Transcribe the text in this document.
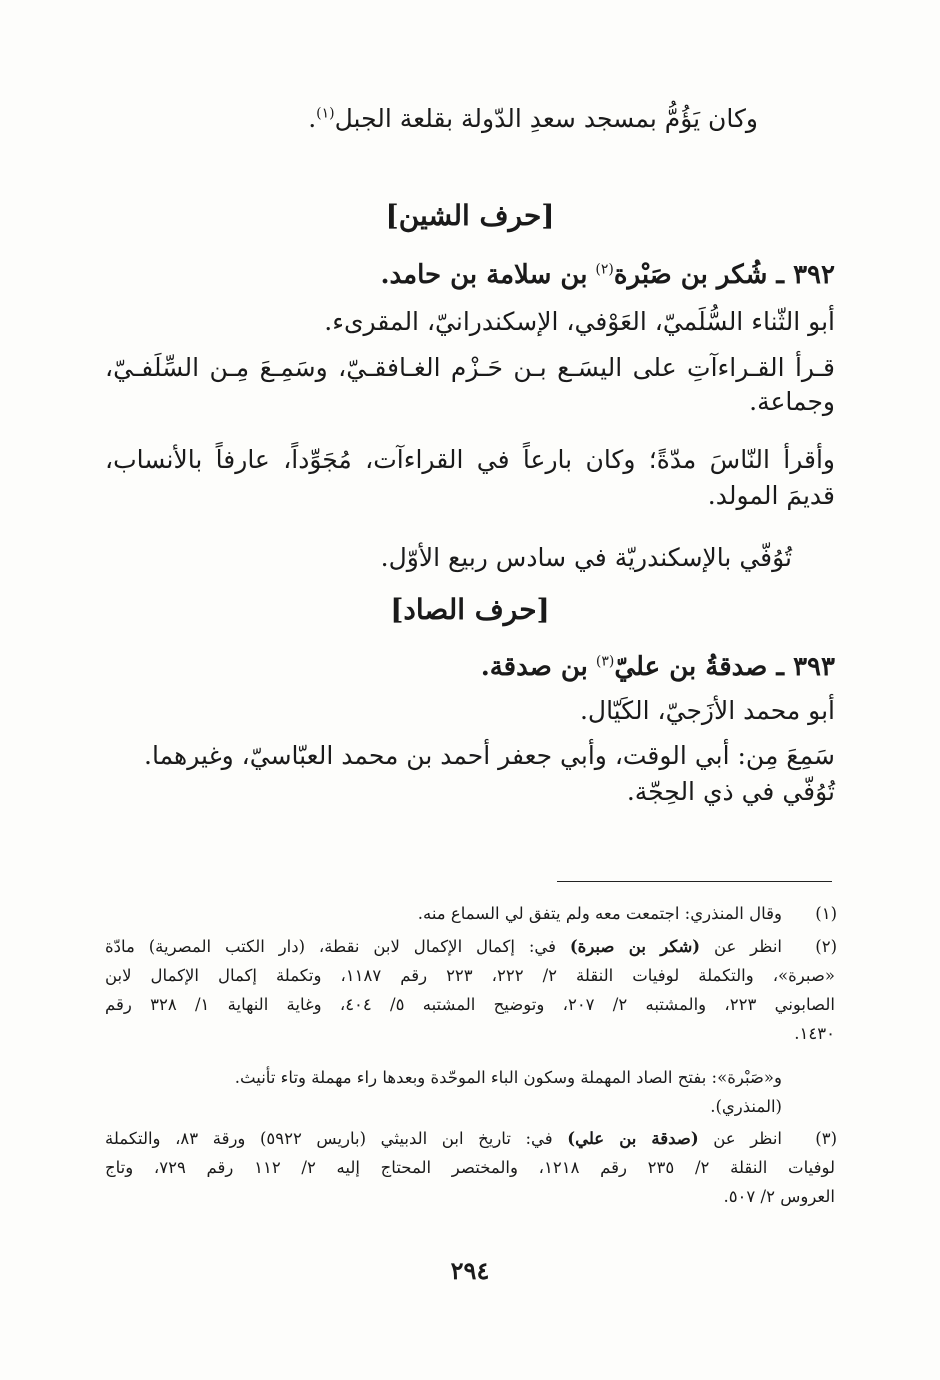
وكان يَؤُمُّ بمسجد سعدِ الدّولة بقلعة الجبل$^{(١)}$.
[حرف الشين]
٣٩٢ ـ شُكر بن صَبْرة$^{(٢)}$ بن سلامة بن حامد.
أبو الثّناء السُّلَميّ، العَوْفي، الإسكندرانيّ، المقرىء.
قـرأ القـراءآتِ على اليسَـع بـن حَـزْم الغـافقـيّ، وسَمِـعَ مِـن السِّلَفـيّ،
وجماعة.
وأقرأ النّاسَ مدّةً؛ وكان بارعاً في القراءآت، مُجَوِّداً، عارفاً بالأنساب،
قديمَ المولد.
تُوُفّي بالإسكندريّة في سادس ربيع الأوّل.
[حرف الصاد]
٣٩٣ ـ صدقةُ بن عليّ$^{(٣)}$ بن صدقة.
أبو محمد الأزَجيّ، الكَيّال.
سَمِعَ مِن: أبي الوقت، وأبي جعفر أحمد بن محمد العبّاسيّ، وغيرهما.
تُوُفّي في ذي الحِجّة.
(١)
وقال المنذري: اجتمعت معه ولم يتفق لي السماع منه.
(٢)
انظر عن (شكر بن صبرة) في: إكمال الإكمال لابن نقطة، (دار الكتب المصرية) مادّة
«صبرة»، والتكملة لوفيات النقلة ٢/ ٢٢٢، ٢٢٣ رقم ١١٨٧، وتكملة إكمال الإكمال لابن
الصابوني ٢٢٣، والمشتبه ٢/ ٢٠٧، وتوضيح المشتبه ٥/ ٤٠٤، وغاية النهاية ١/ ٣٢٨ رقم
١٤٣٠.
و«صَبْرة»: بفتح الصاد المهملة وسكون الباء الموحّدة وبعدها راء مهملة وتاء تأنيث.
(المنذري).
(٣)
انظر عن (صدقة بن علي) في: تاريخ ابن الدبيثي (باريس ٥٩٢٢) ورقة ٨٣، والتكملة
لوفيات النقلة ٢/ ٢٣٥ رقم ١٢١٨، والمختصر المحتاج إليه ٢/ ١١٢ رقم ٧٢٩، وتاج
العروس ٢/ ٥٠٧.
٢٩٤
